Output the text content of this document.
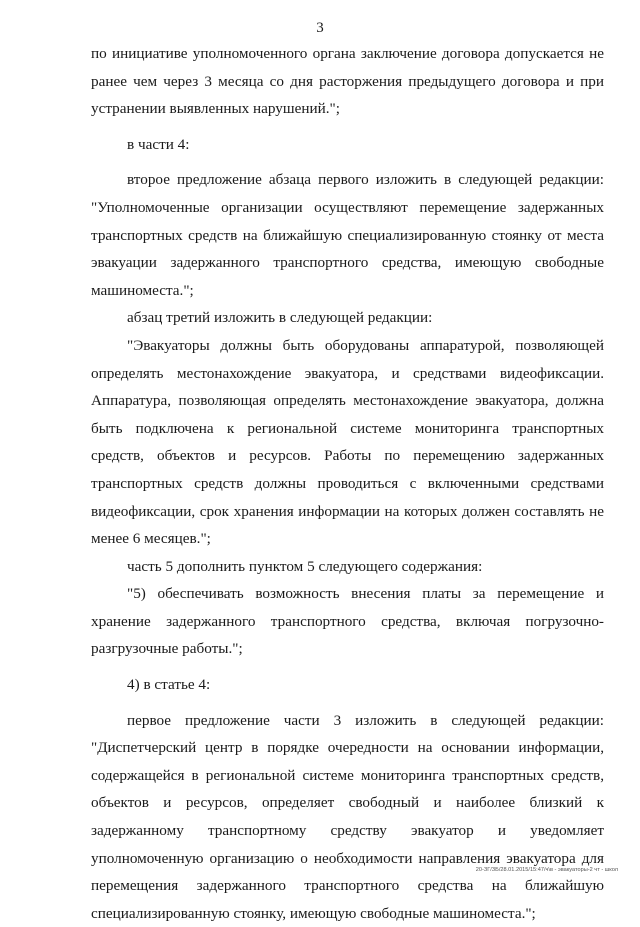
3

по инициативе уполномоченного органа заключение договора допускается не ранее чем через 3 месяца со дня расторжения предыдущего договора и при устранении выявленных нарушений.";

в части 4:

второе предложение абзаца первого изложить в следующей редакции: "Уполномоченные организации осуществляют перемещение задержанных транспортных средств на ближайшую специализированную стоянку от места эвакуации задержанного транспортного средства, имеющую свободные машиноместа.";

абзац третий изложить в следующей редакции:

"Эвакуаторы должны быть оборудованы аппаратурой, позволяющей определять местонахождение эвакуатора, и средствами видеофиксации. Аппаратура, позволяющая определять местонахождение эвакуатора, должна быть подключена к региональной системе мониторинга транспортных средств, объектов и ресурсов. Работы по перемещению задержанных транспортных средств должны проводиться с включенными средствами видеофиксации, срок хранения информации на которых должен составлять не менее 6 месяцев.";

часть 5 дополнить пунктом 5 следующего содержания:

"5) обеспечивать возможность внесения платы за перемещение и хранение задержанного транспортного средства, включая погрузочно-разгрузочные работы.";

4) в статье 4:

первое предложение части 3 изложить в следующей редакции: "Диспетчерский центр в порядке очередности на основании информации, содержащейся в региональной системе мониторинга транспортных средств, объектов и ресурсов, определяет свободный и наиболее близкий к задержанному транспортному средству эвакуатор и уведомляет уполномоченную организацию о необходимости направления эвакуатора для перемещения задержанного транспортного средства на ближайшую специализированную стоянку, имеющую свободные машиноместа.";

20-ЗГ/ЗБ/28.01.2015/15:47/ч\в - эвакуаторы-2 чт - школ
